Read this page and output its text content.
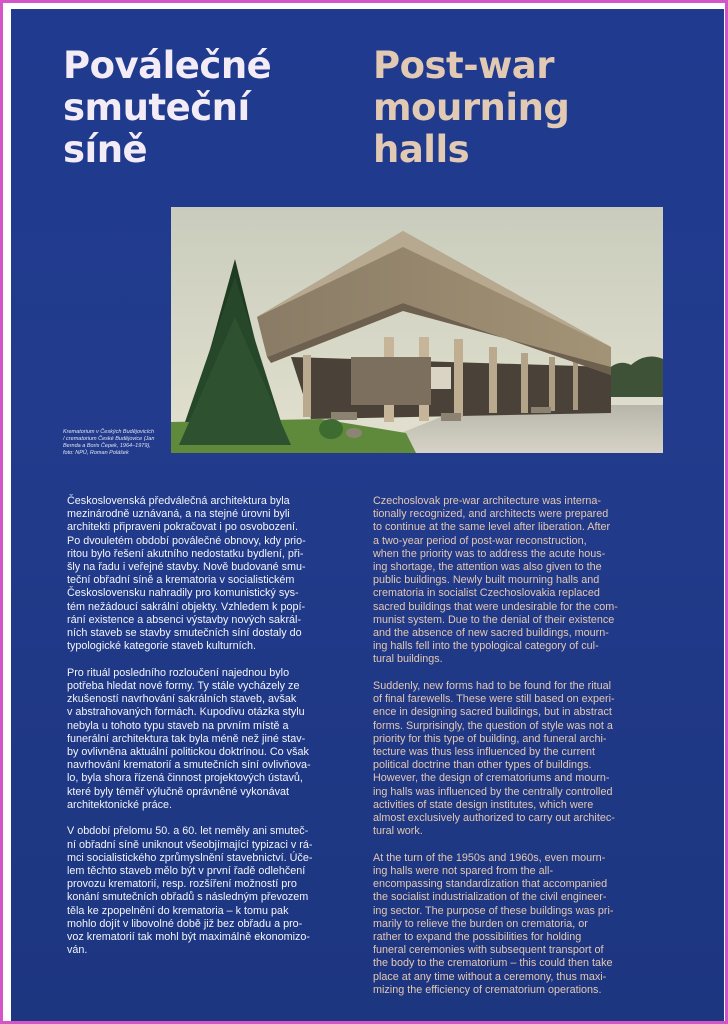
Poválečné
smuteční
síně
Post-war
mourning
halls
Krematorium v Českých Budějovicích
/ crematorium České Budějovice (Jan
Bernda a Boris Čepek, 1964–1979),
foto: NPÚ, Roman Polášek

Československá předválečná architektura byla
mezinárodně uznávaná, a na stejné úrovni byli
architekti připraveni pokračovat i po osvobození.
Po dvouletém období poválečné obnovy, kdy prio-
ritou bylo řešení akutního nedostatku bydlení, při-
šly na řadu i veřejné stavby. Nově budované smu-
teční obřadní síně a krematoria v socialistickém
Československu nahradily pro komunistický sys-
tém nežádoucí sakrální objekty. Vzhledem k popí-
rání existence a absenci výstavby nových sakrál-
ních staveb se stavby smutečních síní dostaly do
typologické kategorie staveb kulturních.

Pro rituál posledního rozloučení najednou bylo
potřeba hledat nové formy. Ty stále vycházely ze
zkušeností navrhování sakrálních staveb, avšak
v abstrahovaných formách. Kupodivu otázka stylu
nebyla u tohoto typu staveb na prvním místě a
funerální architektura tak byla méně než jiné stav-
by ovlivněna aktuální politickou doktrínou. Co však
navrhování krematorií a smutečních síní ovlivňova-
lo, byla shora řízená činnost projektových ústavů,
které byly téměř výlučně oprávněné vykonávat
architektonické práce.

V období přelomu 50. a 60. let neměly ani smuteč-
ní obřadní síně uniknout všeobjímající typizaci v rá-
mci socialistického zprůmyslnění stavebnictví. Úče-
lem těchto staveb mělo být v první řadě odlehčení
provozu krematorií, resp. rozšíření možností pro
konání smutečních obřadů s následným převozem
těla ke zpopelnění do krematoria – k tomu pak
mohlo dojít v libovolné době již bez obřadu a pro-
voz krematorií tak mohl být maximálně ekonomizo-
ván.

Czechoslovak pre-war architecture was interna-
tionally recognized, and architects were prepared
to continue at the same level after liberation. After
a two-year period of post-war reconstruction,
when the priority was to address the acute hous-
ing shortage, the attention was also given to the
public buildings. Newly built mourning halls and
crematoria in socialist Czechoslovakia replaced
sacred buildings that were undesirable for the com-
munist system. Due to the denial of their existence
and the absence of new sacred buildings, mourn-
ing halls fell into the typological category of cul-
tural buildings.

Suddenly, new forms had to be found for the ritual
of final farewells. These were still based on experi-
ence in designing sacred buildings, but in abstract
forms. Surprisingly, the question of style was not a
priority for this type of building, and funeral archi-
tecture was thus less influenced by the current
political doctrine than other types of buildings.
However, the design of crematoriums and mourn-
ing halls was influenced by the centrally controlled
activities of state design institutes, which were
almost exclusively authorized to carry out architec-
tural work.

At the turn of the 1950s and 1960s, even mourn-
ing halls were not spared from the all-
encompassing standardization that accompanied
the socialist industrialization of the civil engineer-
ing sector. The purpose of these buildings was pri-
marily to relieve the burden on crematoria, or
rather to expand the possibilities for holding
funeral ceremonies with subsequent transport of
the body to the crematorium – this could then take
place at any time without a ceremony, thus maxi-
mizing the efficiency of crematorium operations.
